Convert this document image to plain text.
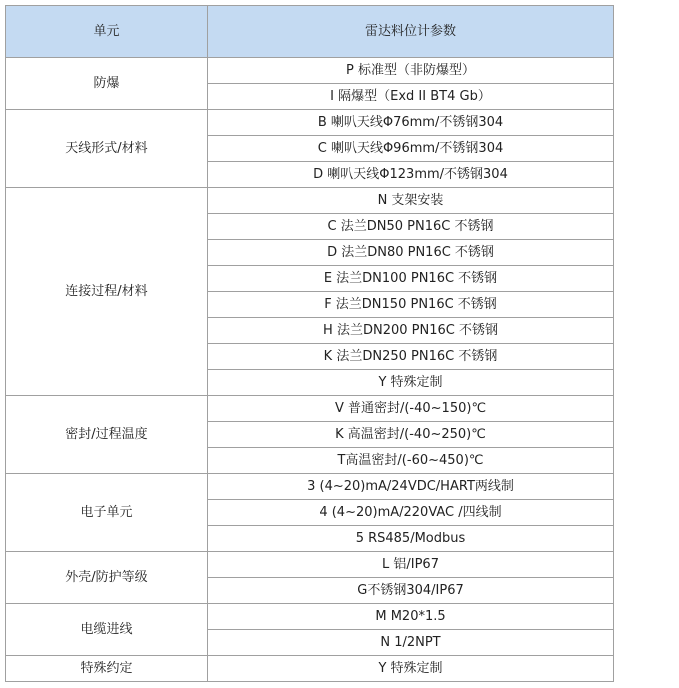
单元	雷达料位计参数
防爆	P 标准型（非防爆型）
	I 隔爆型（Exd II BT4 Gb）
天线形式/材料	B 喇叭天线Φ76mm/不锈钢304
	C 喇叭天线Φ96mm/不锈钢304
	D 喇叭天线Φ123mm/不锈钢304
连接过程/材料	N 支架安装
	C 法兰DN50 PN16C 不锈钢
	D 法兰DN80 PN16C 不锈钢
	E 法兰DN100 PN16C 不锈钢
	F 法兰DN150 PN16C 不锈钢
	H 法兰DN200 PN16C 不锈钢
	K 法兰DN250 PN16C 不锈钢
	Y 特殊定制
密封/过程温度	V 普通密封/(-40~150)℃
	K 高温密封/(-40~250)℃
	T高温密封/(-60~450)℃
电子单元	3 (4~20)mA/24VDC/HART两线制
	4 (4~20)mA/220VAC /四线制
	5 RS485/Modbus
外壳/防护等级	L 铝/IP67
	G不锈钢304/IP67
电缆进线	M M20*1.5
	N 1/2NPT
特殊约定	Y 特殊定制
